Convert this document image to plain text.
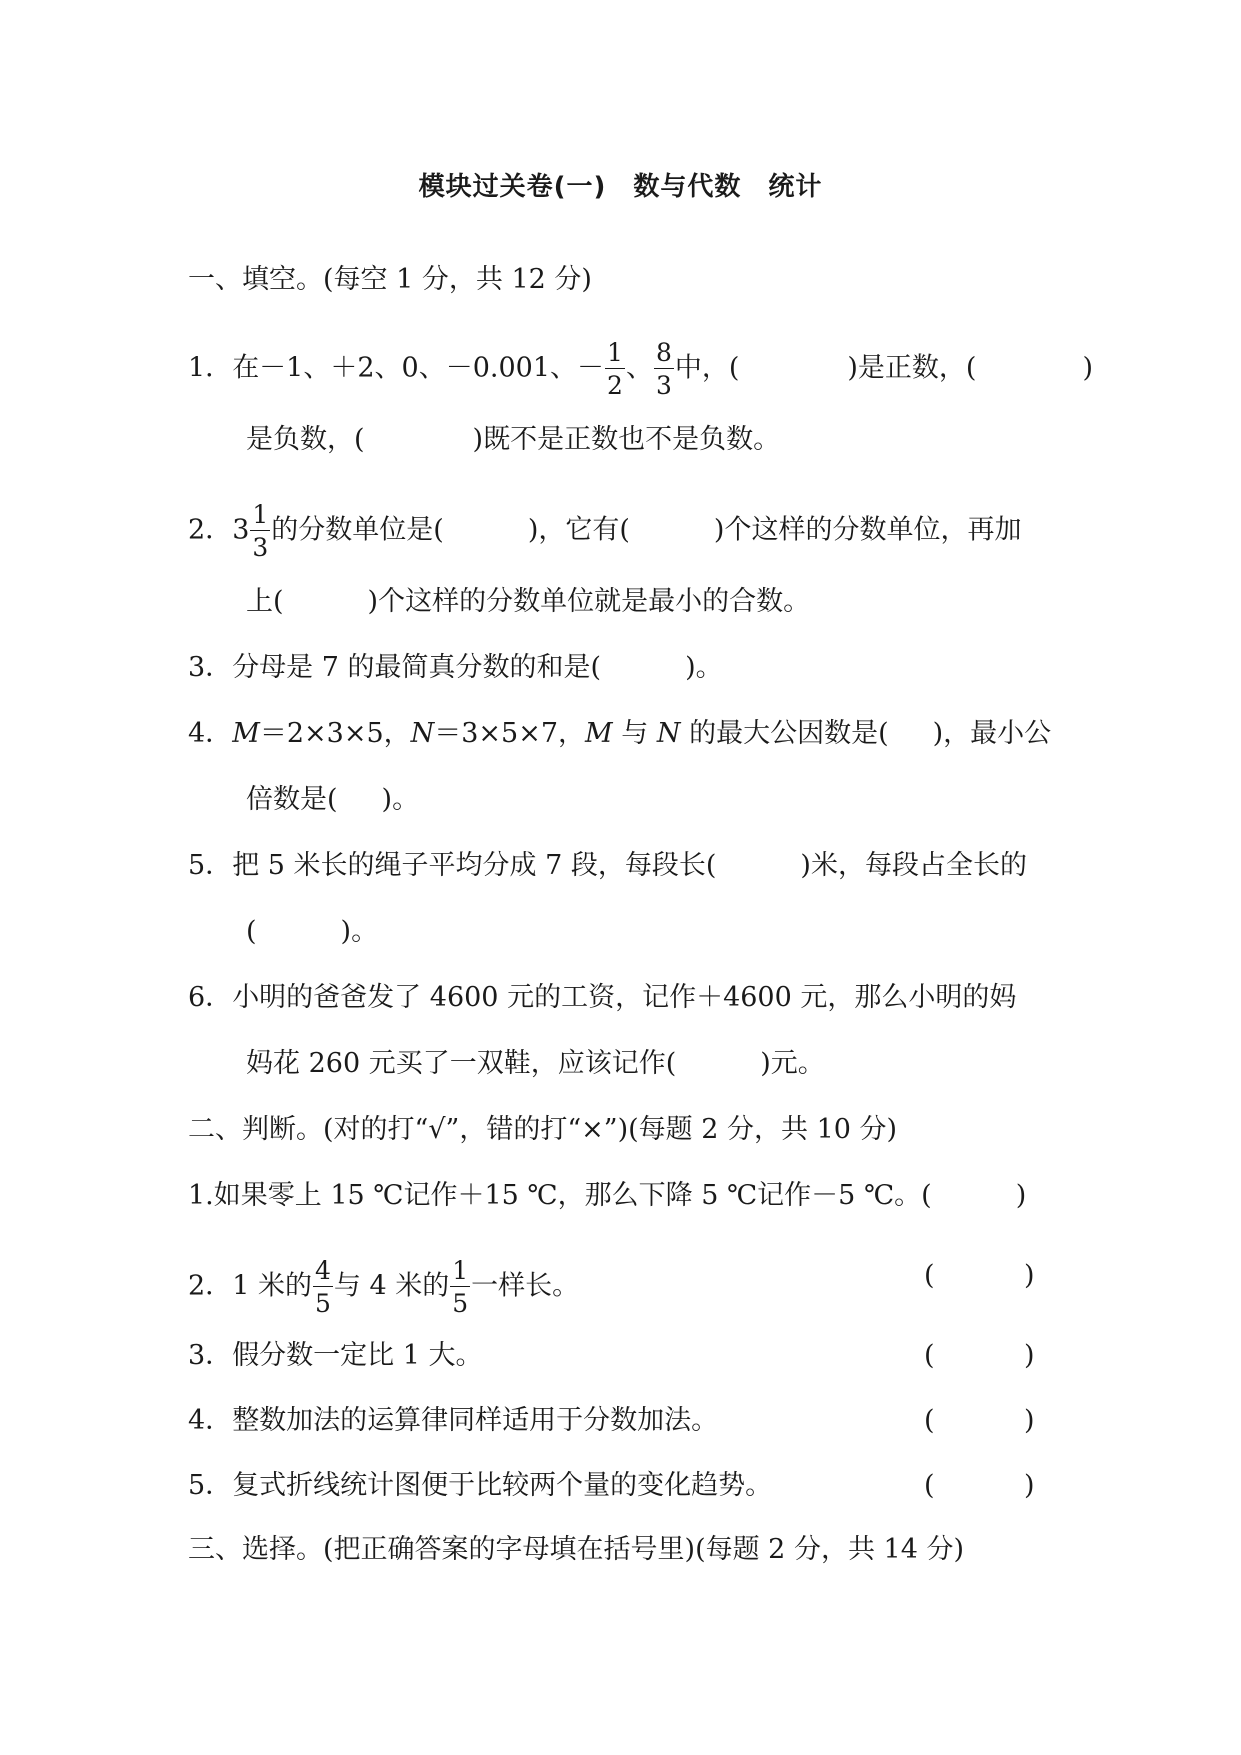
模块过关卷(一)　数与代数　统计
一、填空。(每空 1 分，共 12 分)
1．在－1、＋2、0、－0.001、－ $\frac{1}{2}$ 、 $\frac{8}{3}$ 中，(	)是正数，(	)
是负数，(	)既不是正数也不是负数。
2．$3 \frac{1}{3}$ 的分数单位是(	)，它有(	)个这样的分数单位，再加
上(	)个这样的分数单位就是最小的合数。
3．分母是 7 的最简真分数的和是(	)。
4．M＝2×3×5，N＝3×5×7，M 与 N 的最大公因数是( )，最小公
倍数是( )。
5．把 5 米长的绳子平均分成 7 段，每段长(	)米，每段占全长的
(	)。
6．小明的爸爸发了 4600 元的工资，记作＋4600 元，那么小明的妈
妈花 260 元买了一双鞋，应该记作(	)元。
二、判断。(对的打“√”，错的打“×”)(每题 2 分，共 10 分)
1.如果零上 15 ℃记作＋15 ℃，那么下降 5 ℃记作－5 ℃。(	)
2．1 米的 $\frac{4}{5}$ 与 4 米的 $\frac{1}{5}$ 一样长。	(	)
3．假分数一定比 1 大。	(	)
4．整数加法的运算律同样适用于分数加法。	(	)
5．复式折线统计图便于比较两个量的变化趋势。	(	)
三、选择。(把正确答案的字母填在括号里)(每题 2 分，共 14 分)
